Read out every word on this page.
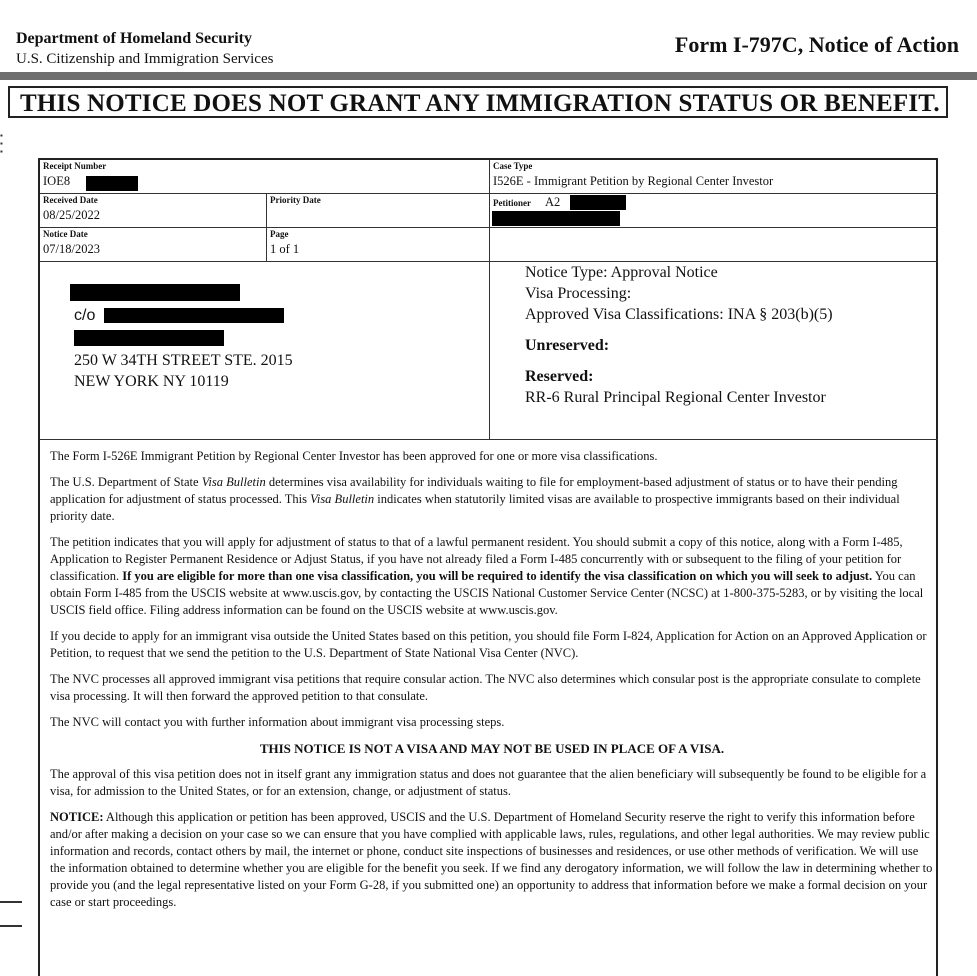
Department of Homeland Security
U.S. Citizenship and Immigration Services
Form I-797C, Notice of Action
THIS NOTICE DOES NOT GRANT ANY IMMIGRATION STATUS OR BENEFIT.
▪
▪
▪
Receipt Number
IOE8
Case Type
I526E - Immigrant Petition by Regional Center Investor
Received Date
08/25/2022
Priority Date	Petitioner A2
Notice Date
07/18/2023
Page
1 of 1
c/o
250 W 34TH STREET STE. 2015
NEW YORK NY 10119
Notice Type: Approval Notice
Visa Processing:
Approved Visa Classifications: INA § 203(b)(5)
Unreserved:
Reserved:
RR-6 Rural Principal Regional Center Investor

The Form I-526E Immigrant Petition by Regional Center Investor has been approved for one or more visa classifications.

The U.S. Department of State Visa Bulletin determines visa availability for individuals waiting to file for employment-based adjustment of status or to have their pending application for adjustment of status processed. This Visa Bulletin indicates when statutorily limited visas are available to prospective immigrants based on their individual priority date.

The petition indicates that you will apply for adjustment of status to that of a lawful permanent resident. You should submit a copy of this notice, along with a Form I-485, Application to Register Permanent Residence or Adjust Status, if you have not already filed a Form I-485 concurrently with or subsequent to the filing of your petition for classification. If you are eligible for more than one visa classification, you will be required to identify the visa classification on which you will seek to adjust. You can obtain Form I-485 from the USCIS website at www.uscis.gov, by contacting the USCIS National Customer Service Center (NCSC) at 1-800-375-5283, or by visiting the local USCIS field office. Filing address information can be found on the USCIS website at www.uscis.gov.

If you decide to apply for an immigrant visa outside the United States based on this petition, you should file Form I-824, Application for Action on an Approved Application or Petition, to request that we send the petition to the U.S. Department of State National Visa Center (NVC).

The NVC processes all approved immigrant visa petitions that require consular action. The NVC also determines which consular post is the appropriate consulate to complete visa processing. It will then forward the approved petition to that consulate.

The NVC will contact you with further information about immigrant visa processing steps.

THIS NOTICE IS NOT A VISA AND MAY NOT BE USED IN PLACE OF A VISA.

The approval of this visa petition does not in itself grant any immigration status and does not guarantee that the alien beneficiary will subsequently be found to be eligible for a visa, for admission to the United States, or for an extension, change, or adjustment of status.

NOTICE: Although this application or petition has been approved, USCIS and the U.S. Department of Homeland Security reserve the right to verify this information before and/or after making a decision on your case so we can ensure that you have complied with applicable laws, rules, regulations, and other legal authorities. We may review public information and records, contact others by mail, the internet or phone, conduct site inspections of businesses and residences, or use other methods of verification. We will use the information obtained to determine whether you are eligible for the benefit you seek. If we find any derogatory information, we will follow the law in determining whether to provide you (and the legal representative listed on your Form G-28, if you submitted one) an opportunity to address that information before we make a formal decision on your case or start proceedings.
